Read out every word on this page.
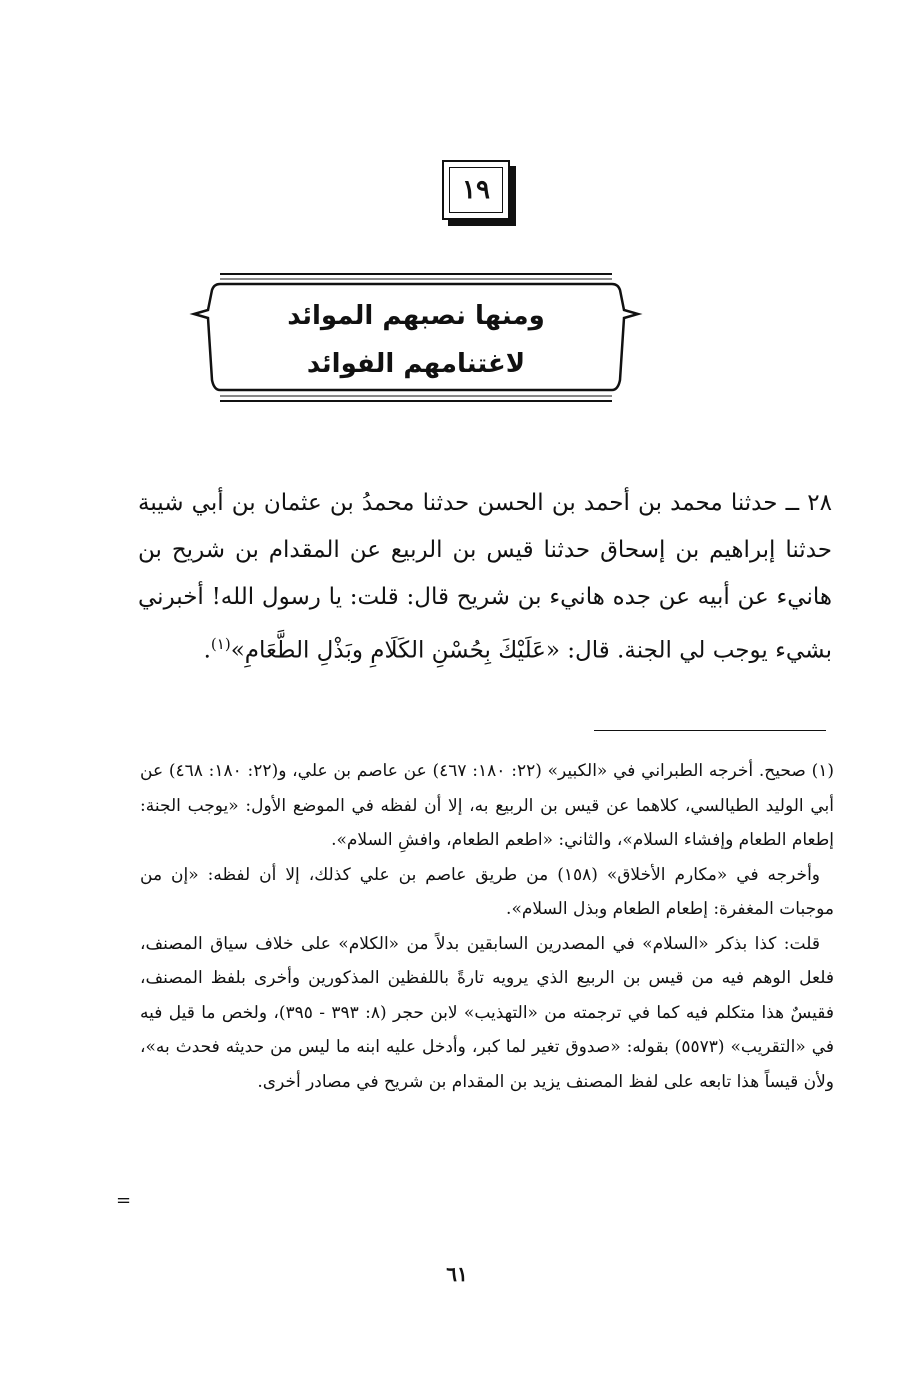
١٩
ومنها نصبهم الموائد
لاغتنامهم الفوائد

٢٨ ــ حدثنا محمد بن أحمد بن الحسن حدثنا محمدُ بن عثمان بن أبي شيبة حدثنا إبراهيم بن إسحاق حدثنا قيس بن الربيع عن المقدام بن شريح بن هانيء عن أبيه عن جده هانيء بن شريح قال: قلت: يا رسول الله! أخبرني بشيء يوجب لي الجنة. قال: «عَلَيْكَ بِحُسْنِ الكَلَامِ وبَذْلِ الطَّعَامِ»$^{(١)}$.

(١) صحيح. أخرجه الطبراني في «الكبير» (٢٢: ١٨٠: ٤٦٧) عن عاصم بن علي، و(٢٢: ١٨٠: ٤٦٨) عن أبي الوليد الطيالسي، كلاهما عن قيس بن الربيع به، إلا أن لفظه في الموضع الأول: «يوجب الجنة: إطعام الطعام وإفشاء السلام»، والثاني: «اطعم الطعام، وافشِ السلام».

وأخرجه في «مكارم الأخلاق» (١٥٨) من طريق عاصم بن علي كذلك، إلا أن لفظه: «إن من موجبات المغفرة: إطعام الطعام وبذل السلام».

قلت: كذا بذكر «السلام» في المصدرين السابقين بدلاً من «الكلام» على خلاف سياق المصنف، فلعل الوهم فيه من قيس بن الربيع الذي يرويه تارةً باللفظين المذكورين وأخرى بلفظ المصنف، فقيسٌ هذا متكلم فيه كما في ترجمته من «التهذيب» لابن حجر (٨: ٣٩٣ - ٣٩٥)، ولخص ما قيل فيه في «التقريب» (٥٥٧٣) بقوله: «صدوق تغير لما كبر، وأدخل عليه ابنه ما ليس من حديثه فحدث به»، ولأن قيساً هذا تابعه على لفظ المصنف يزيد بن المقدام بن شريح في مصادر أخرى.

=
٦١
